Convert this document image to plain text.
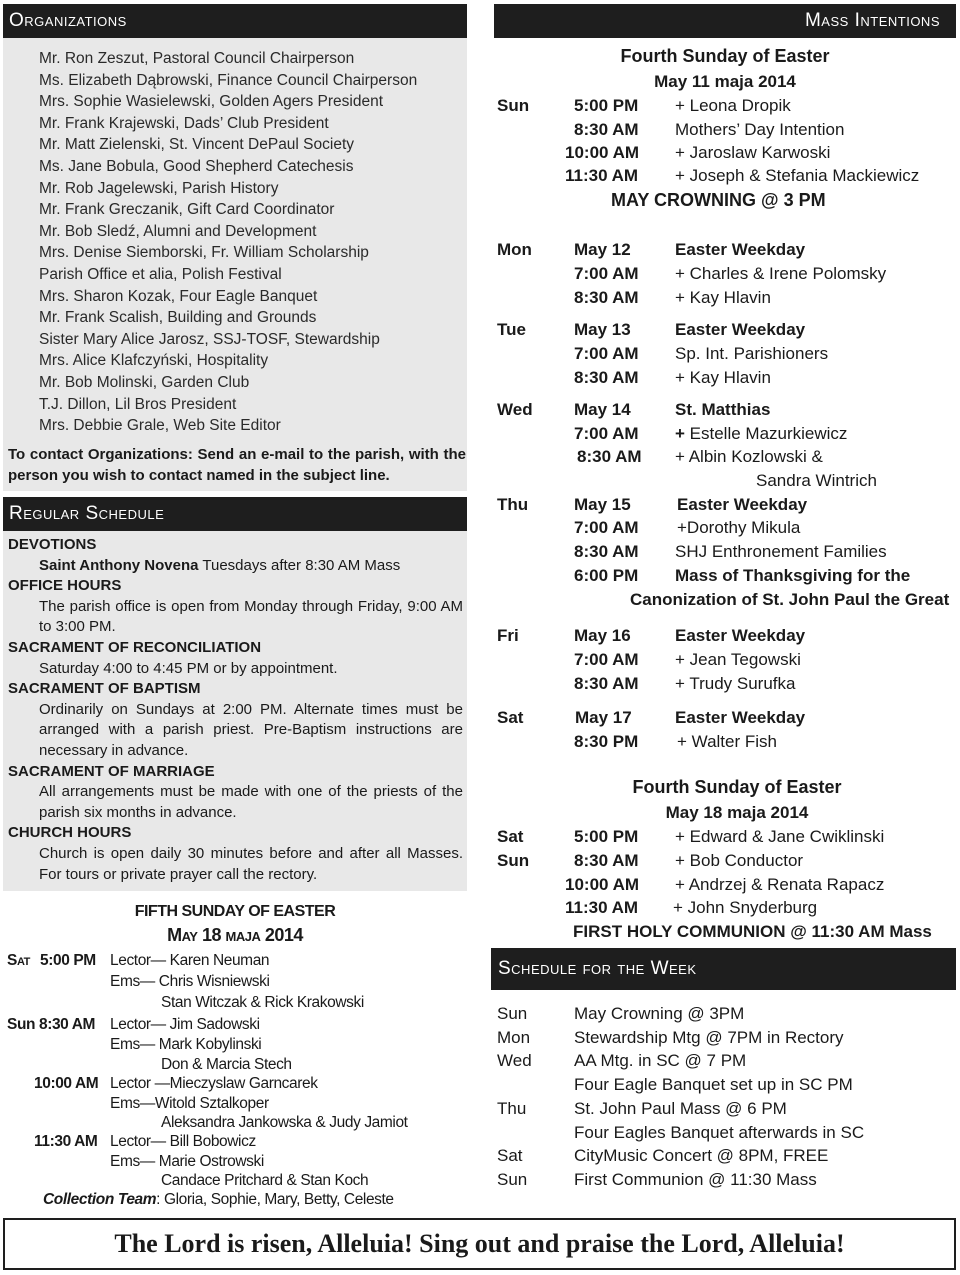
Organizations
Mr. Ron Zeszut, Pastoral Council Chairperson
Ms. Elizabeth Dąbrowski, Finance Council Chairperson
Mrs. Sophie Wasielewski, Golden Agers President
Mr. Frank Krajewski, Dads’ Club President
Mr. Matt Zielenski, St. Vincent DePaul Society
Ms. Jane Bobula, Good Shepherd Catechesis
Mr. Rob Jagelewski, Parish History
Mr. Frank Greczanik, Gift Card Coordinator
Mr. Bob Sledź, Alumni and Development
Mrs. Denise Siemborski, Fr. William Scholarship
Parish Office et alia, Polish Festival
Mrs. Sharon Kozak, Four Eagle Banquet
Mr. Frank Scalish, Building and Grounds
Sister Mary Alice Jarosz, SSJ-TOSF, Stewardship
Mrs. Alice Klafczyński, Hospitality
Mr. Bob Molinski, Garden Club
T.J. Dillon, Lil Bros President
Mrs. Debbie Grale, Web Site Editor
To contact Organizations: Send an e-mail to the parish, with the person you wish to contact named in the subject line.
Regular Schedule
DEVOTIONS
Saint Anthony Novena Tuesdays after 8:30 AM Mass
OFFICE HOURS
The parish office is open from Monday through Friday, 9:00 AM to 3:00 PM.
SACRAMENT OF RECONCILIATION
Saturday 4:00 to 4:45 PM or by appointment.
SACRAMENT OF BAPTISM
Ordinarily on Sundays at 2:00 PM. Alternate times must be arranged with a parish priest. Pre-Baptism instructions are necessary in advance.
SACRAMENT OF MARRIAGE
All arrangements must be made with one of the priests of the parish six months in advance.
CHURCH HOURS
Church is open daily 30 minutes before and after all Masses. For tours or private prayer call the rectory.
FIFTH SUNDAY OF EASTER
May 18 maja 2014
Sat 5:00 PM Lector— Karen Neuman
Ems— Chris Wisniewski
Stan Witczak & Rick Krakowski
Sun 8:30 AM Lector— Jim Sadowski
Ems— Mark Kobylinski
Don & Marcia Stech
10:00 AM Lector —Mieczyslaw Garncarek
Ems—Witold Sztalkoper
Aleksandra Jankowska & Judy Jamiot
11:30 AM Lector— Bill Bobowicz
Ems— Marie Ostrowski
Candace Pritchard & Stan Koch
Collection Team: Gloria, Sophie, Mary, Betty, Celeste
Mass Intentions
Fourth Sunday of Easter
May 11 maja 2014
Sun	5:00 PM + Leona Dropik
8:30 AM Mothers’ Day Intention
10:00 AM + Jaroslaw Karwoski
11:30 AM + Joseph & Stefania Mackiewicz
MAY CROWNING @ 3 PM
Mon May 12	Easter Weekday
7:00 AM + Charles & Irene Polomsky
8:30 AM + Kay Hlavin
Tue	May 13	Easter Weekday
7:00 AM Sp. Int. Parishioners
8:30 AM + Kay Hlavin
Wed May 14	St. Matthias
7:00 AM + Estelle Mazurkiewicz
8:30 AM + Albin Kozlowski &
Sandra Wintrich
Thu	May 15	Easter Weekday
7:00 AM +Dorothy Mikula
8:30 AM SHJ Enthronement Families
6:00 PM Mass of Thanksgiving for the
Canonization of St. John Paul the Great
Fri	May 16	Easter Weekday
7:00 AM + Jean Tegowski
8:30 AM + Trudy Surufka
Sat	May 17	Easter Weekday
8:30 PM + Walter Fish
Fourth Sunday of Easter
May 18 maja 2014
Sat	5:00 PM + Edward & Jane Cwiklinski
Sun	8:30 AM + Bob Conductor
10:00 AM + Andrzej & Renata Rapacz
11:30 AM + John Snyderburg
FIRST HOLY COMMUNION @ 11:30 AM Mass
Schedule for the Week
Sun	May Crowning @ 3PM
Mon	Stewardship Mtg @ 7PM in Rectory
Wed AA Mtg. in SC @ 7 PM
Four Eagle Banquet set up in SC PM
Thu	St. John Paul Mass @ 6 PM
Four Eagles Banquet afterwards in SC
Sat	CityMusic Concert @ 8PM, FREE
Sun	First Communion @ 11:30 Mass
The Lord is risen, Alleluia! Sing out and praise the Lord, Alleluia!
